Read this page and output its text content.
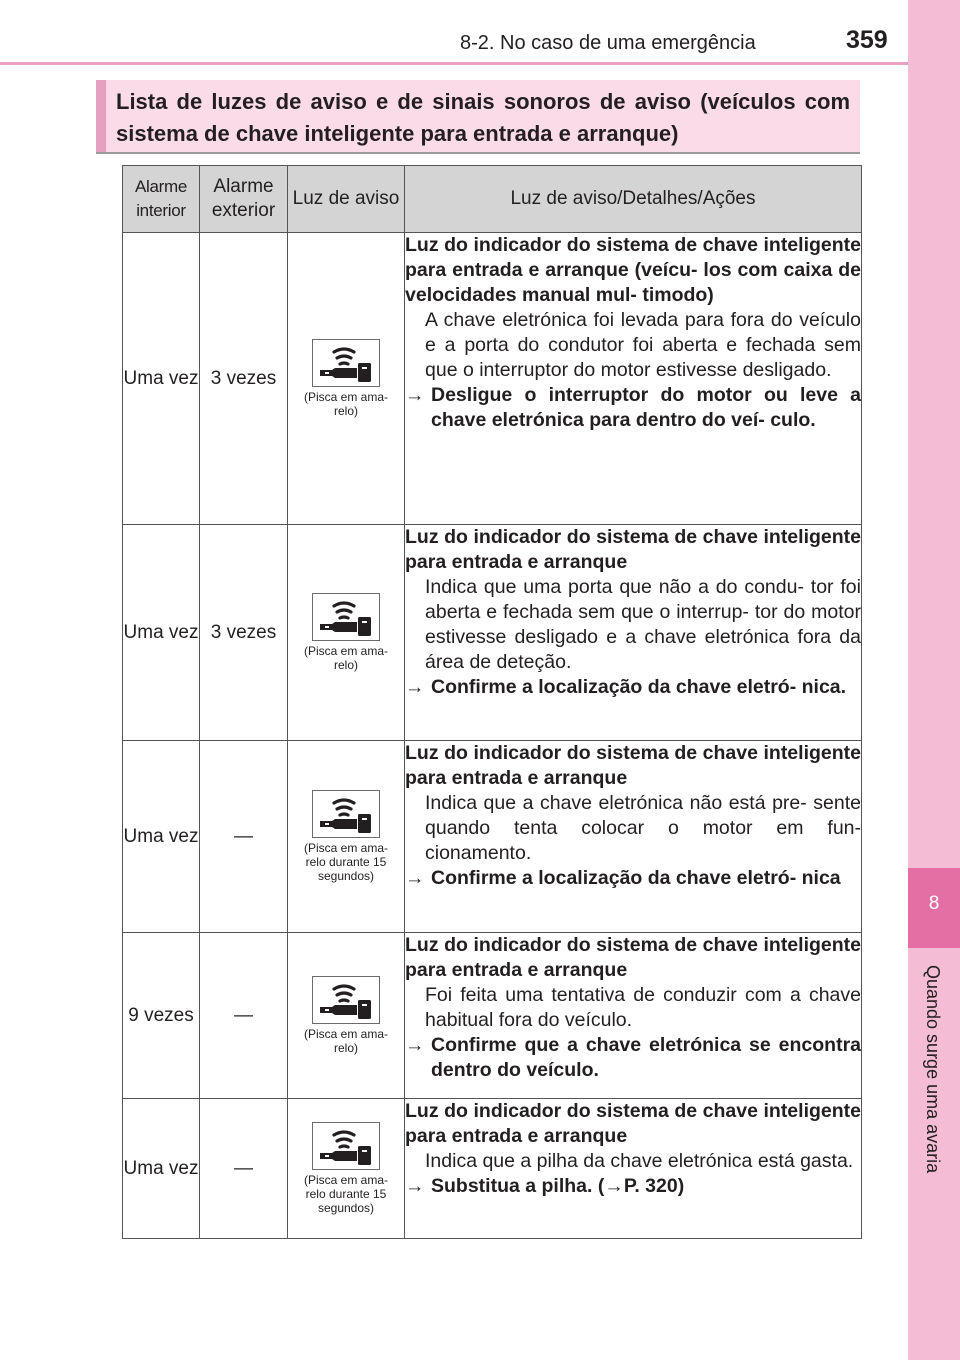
8-2. No caso de uma emergência	359
8
Quando surge uma avaria
Lista de luzes de aviso e de sinais sonoros de aviso (veículos com sistema de chave inteligente para entrada e arranque)
Alarme interior	Alarme exterior	Luz de aviso	Luz de aviso/Detalhes/Ações
Uma vez	3 vezes	(Pisca em ama- relo)	Luz do indicador do sistema de chave inteligente para entrada e arranque (veícu- los com caixa de velocidades manual mul- timodo)
A chave eletrónica foi levada para fora do veículo e a porta do condutor foi aberta e fechada sem que o interruptor do motor estivesse desligado.
→ Desligue o interruptor do motor ou leve a chave eletrónica para dentro do veí- culo.

Uma vez	3 vezes	(Pisca em ama- relo)	Luz do indicador do sistema de chave inteligente para entrada e arranque
Indica que uma porta que não a do condu- tor foi aberta e fechada sem que o interrup- tor do motor estivesse desligado e a chave eletrónica fora da área de deteção.
→ Confirme a localização da chave eletró- nica.

Uma vez	—	(Pisca em ama- relo durante 15 segundos)	Luz do indicador do sistema de chave inteligente para entrada e arranque
Indica que a chave eletrónica não está pre- sente quando tenta colocar o motor em fun- cionamento.
→ Confirme a localização da chave eletró- nica

9 vezes	—	(Pisca em ama- relo)	Luz do indicador do sistema de chave inteligente para entrada e arranque
Foi feita uma tentativa de conduzir com a chave habitual fora do veículo.
→ Confirme que a chave eletrónica se encontra dentro do veículo.

Uma vez	—	(Pisca em ama- relo durante 15 segundos)	Luz do indicador do sistema de chave inteligente para entrada e arranque
Indica que a pilha da chave eletrónica está gasta.
→ Substitua a pilha. (→P. 320)
